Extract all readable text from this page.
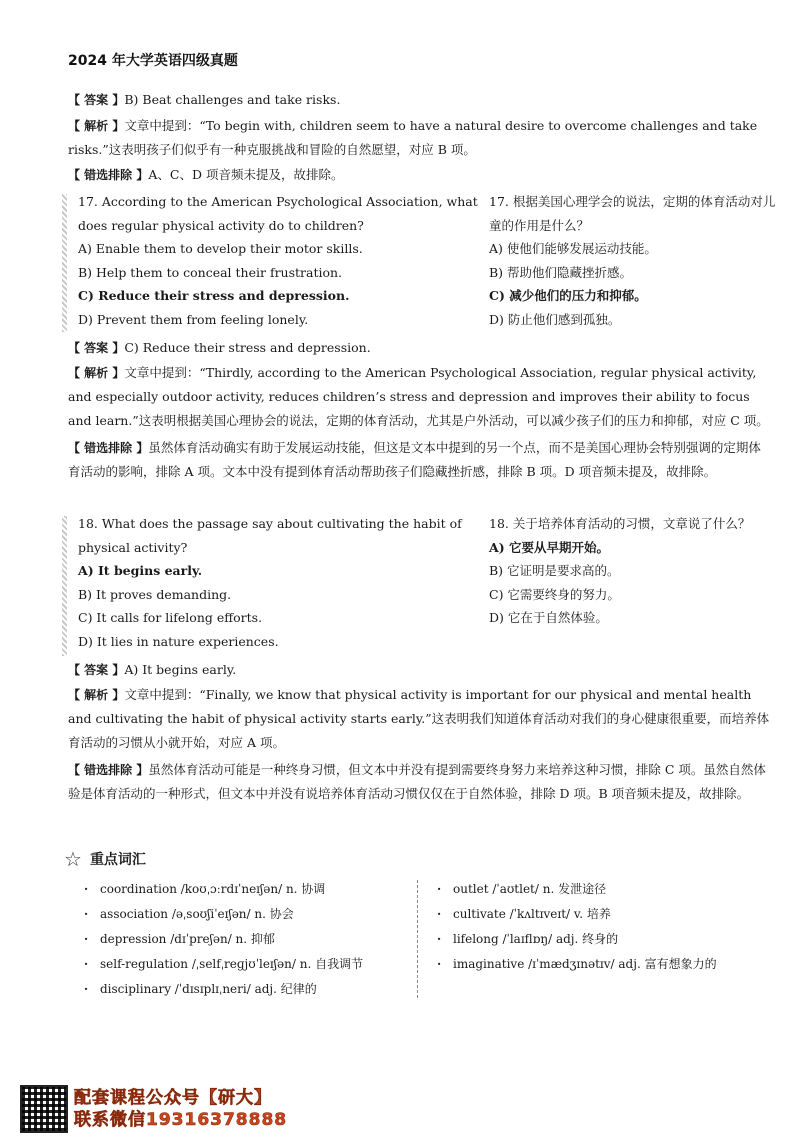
2024 年大学英语四级真题

【 答案 】B) Beat challenges and take risks.

【 解析 】文章中提到：“To begin with, children seem to have a natural desire to overcome challenges and take risks.”这表明孩子们似乎有一种克服挑战和冒险的自然愿望，对应 B 项。

【 错选排除 】A、C、D 项音频未提及，故排除。

17. According to the American Psychological Association, what does regular physical activity do to children?
A) Enable them to develop their motor skills.
B) Help them to conceal their frustration.
C) Reduce their stress and depression.
D) Prevent them from feeling lonely.
17. 根据美国心理学会的说法，定期的体育活动对儿童的作用是什么？
A) 使他们能够发展运动技能。
B) 帮助他们隐藏挫折感。
C) 减少他们的压力和抑郁。
D) 防止他们感到孤独。

【 答案 】C) Reduce their stress and depression.

【 解析 】文章中提到：“Thirdly, according to the American Psychological Association, regular physical activity, and especially outdoor activity, reduces children’s stress and depression and improves their ability to focus and learn.”这表明根据美国心理协会的说法，定期的体育活动，尤其是户外活动，可以减少孩子们的压力和抑郁，对应 C 项。

【 错选排除 】虽然体育活动确实有助于发展运动技能，但这是文本中提到的另一个点，而不是美国心理协会特别强调的定期体育活动的影响，排除 A 项。文本中没有提到体育活动帮助孩子们隐藏挫折感，排除 B 项。D 项音频未提及，故排除。

18. What does the passage say about cultivating the habit of physical activity?
A) It begins early.
B) It proves demanding.
C) It calls for lifelong efforts.
D) It lies in nature experiences.
18. 关于培养体育活动的习惯，文章说了什么？
A) 它要从早期开始。
B) 它证明是要求高的。
C) 它需要终身的努力。
D) 它在于自然体验。

【 答案 】A) It begins early.

【 解析 】文章中提到：“Finally, we know that physical activity is important for our physical and mental health and cultivating the habit of physical activity starts early.”这表明我们知道体育活动对我们的身心健康很重要，而培养体育活动的习惯从小就开始，对应 A 项。

【 错选排除 】虽然体育活动可能是一种终身习惯，但文本中并没有提到需要终身努力来培养这种习惯，排除 C 项。虽然自然体验是体育活动的一种形式，但文本中并没有说培养体育活动习惯仅仅在于自然体验，排除 D 项。B 项音频未提及，故排除。

☆ 重点词汇
· coordination /koʊˌɔːrdɪˈneɪʃən/ n. 协调
· association /əˌsoʊʃiˈeɪʃən/ n. 协会
· depression /dɪˈpreʃən/ n. 抑郁
· self-regulation /ˌselfˌreɡjʊˈleɪʃən/ n. 自我调节
· disciplinary /ˈdɪsɪplɪˌneri/ adj. 纪律的
· outlet /ˈaʊtlet/ n. 发泄途径
· cultivate /ˈkʌltɪveɪt/ v. 培养
· lifelong /ˈlaɪflɒŋ/ adj. 终身的
· imaginative /ɪˈmædʒɪnətɪv/ adj. 富有想象力的
配套课程公众号【研大】
联系微信19316378888
